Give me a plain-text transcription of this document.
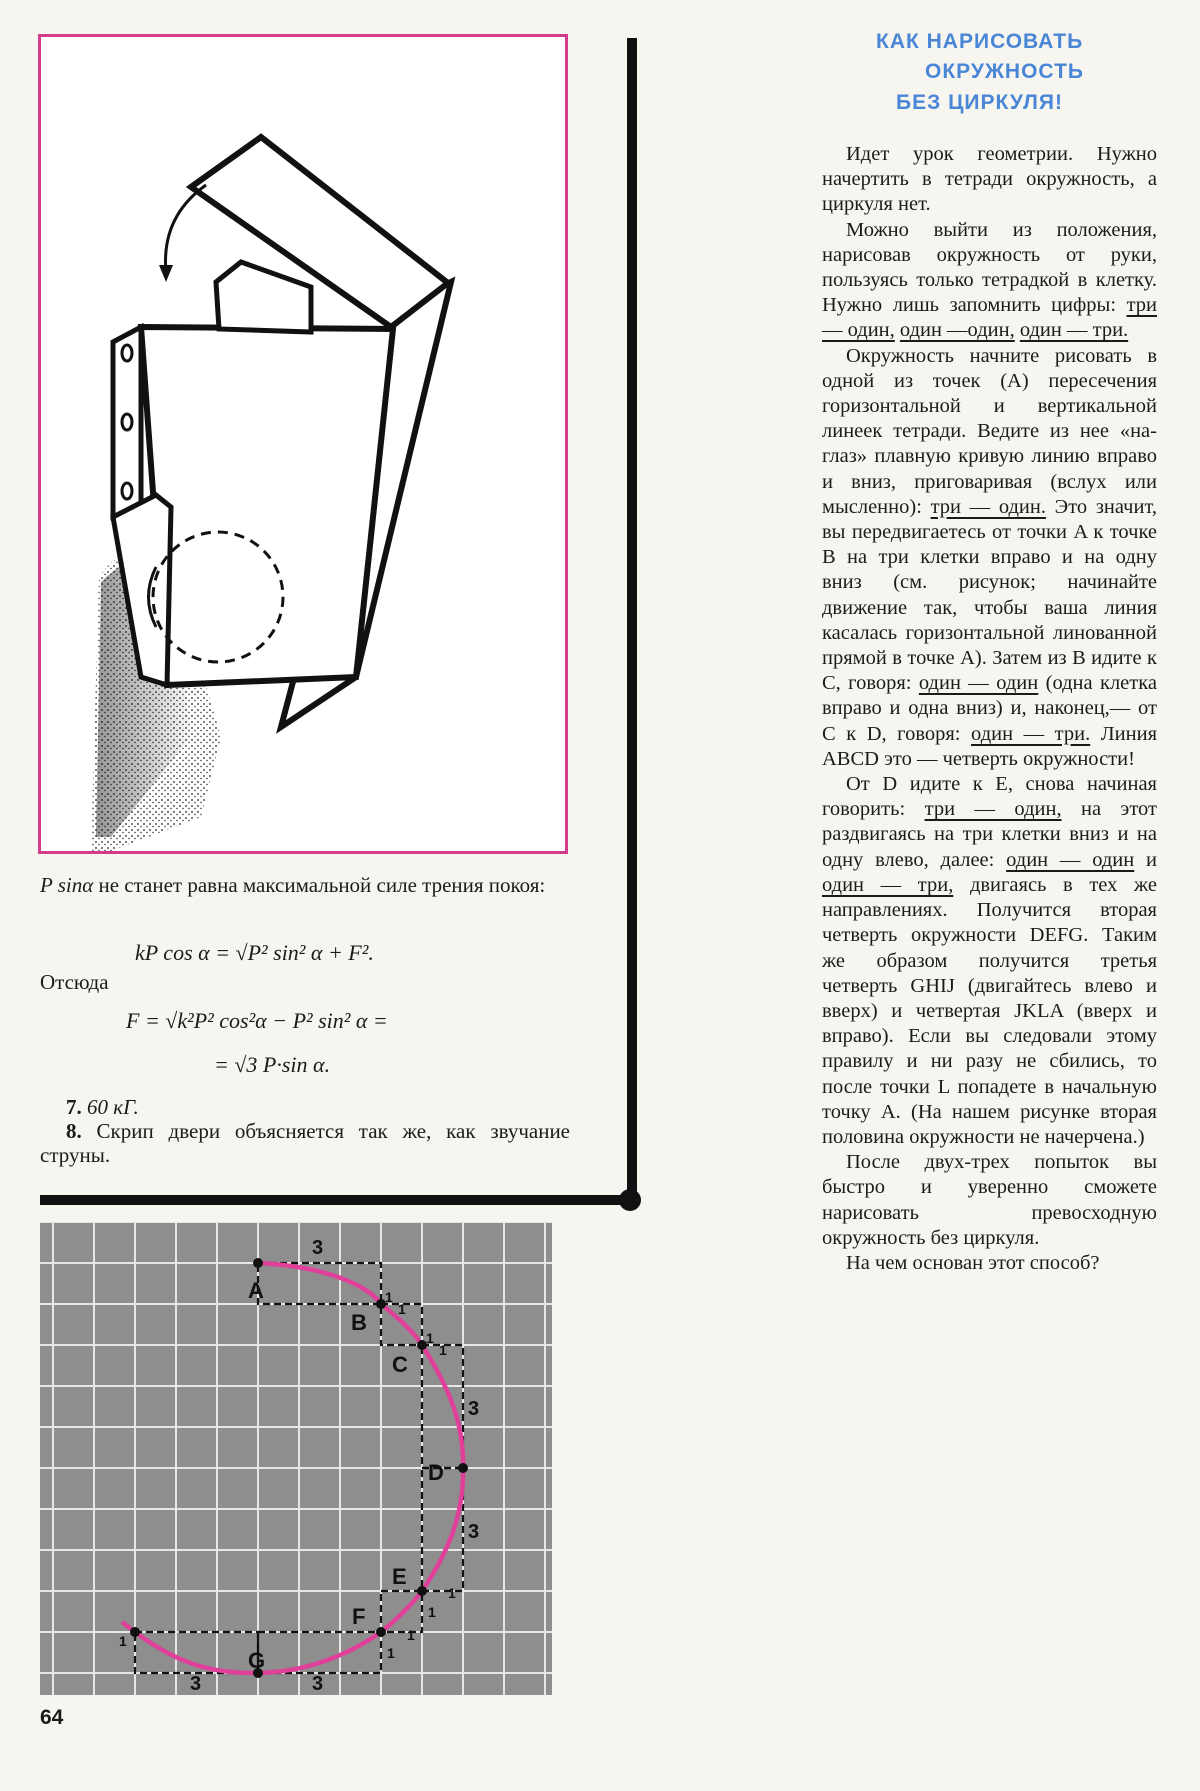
КАК НАРИСОВАТЬ
ОКРУЖНОСТЬ
БЕЗ ЦИРКУЛЯ!
P sinα не станет равна максимальной силе трения покоя:
kP cos α = √P² sin² α + F².
Отсюда
F = √k²P² cos²α − P² sin² α =
= √3 P·sin α.
7. 60 кГ.
8. Скрип двери объясняется так же, как звучание струны.

Идет урок геометрии. Нужно начертить в тетради окружность, а циркуля нет.

Можно выйти из положения, нарисовав окружность от руки, пользуясь только тетрадкой в клетку. Нужно лишь запомнить цифры: три — один, один —один, один — три.

Окружность начните рисовать в одной из точек (A) пересечения горизонтальной и вертикальной линеек тетради. Ведите из нее «на-глаз» плавную кривую линию вправо и вниз, приговаривая (вслух или мысленно): три — один. Это значит, вы передвигаетесь от точки A к точке B на три клетки вправо и на одну вниз (см. рисунок; начинайте движение так, чтобы ваша линия касалась горизонтальной линованной прямой в точке A). Затем из B идите к C, говоря: один — один (одна клетка вправо и одна вниз) и, наконец,— от C к D, говоря: один — три. Линия ABCD это — четверть окружности!

От D идите к E, снова начиная говорить: три — один, на этот раздвигаясь на три клетки вниз и на одну влево, далее: один — один и один — три, двигаясь в тех же направлениях. Получится вторая четверть окружности DEFG. Таким же образом получится третья четверть GHIJ (двигайтесь влево и вверх) и четвертая JKLA (вверх и вправо). Если вы следовали этому правилу и ни разу не сбились, то после точки L попадете в начальную точку A. (На нашем рисунке вторая половина окружности не начерчена.)

После двух-трех попыток вы быстро и уверенно сможете нарисовать превосходную окружность без циркуля.

На чем основан этот способ?

A
B
C
D
E
F
G
3
1
1
1
1
3
3
1
1
1
1
1
3	3
64
